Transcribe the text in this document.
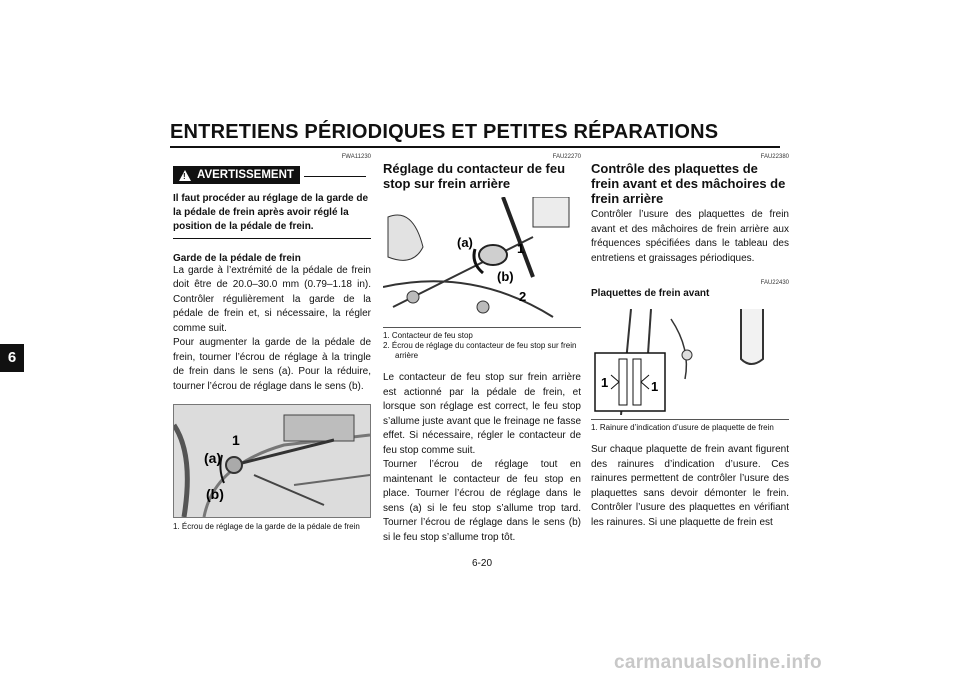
ENTRETIENS PÉRIODIQUES ET PETITES RÉPARATIONS
6
FWA11230
! AVERTISSEMENT
Il faut procéder au réglage de la garde de la pédale de frein après avoir réglé la position de la pédale de frein.
Garde de la pédale de frein

La garde à l’extrémité de la pédale de frein doit être de 20.0–30.0 mm (0.79–1.18 in). Contrôler régulièrement la garde de la pédale de frein et, si nécessaire, la régler comme suit.

Pour augmenter la garde de la pédale de frein, tourner l’écrou de réglage à la tringle de frein dans le sens (a). Pour la réduire, tourner l’écrou de réglage dans le sens (b).

(a)
1
(b)
1. Écrou de réglage de la garde de la pédale de frein
FAU22270
Réglage du contacteur de feu stop sur frein arrière
(a)	1
(b)
2
1. Contacteur de feu stop
2. Écrou de réglage du contacteur de feu stop sur frein arrière

Le contacteur de feu stop sur frein arrière est actionné par la pédale de frein, et lorsque son réglage est correct, le feu stop s’allume juste avant que le freinage ne fasse effet. Si nécessaire, régler le contacteur de feu stop comme suit.

Tourner l’écrou de réglage tout en maintenant le contacteur de feu stop en place. Tourner l’écrou de réglage dans le sens (a) si le feu stop s’allume trop tard. Tourner l’écrou de réglage dans le sens (b) si le feu stop s’allume trop tôt.

FAU22380
Contrôle des plaquettes de frein avant et des mâchoires de frein arrière

Contrôler l’usure des plaquettes de frein avant et des mâchoires de frein arrière aux fréquences spécifiées dans le tableau des entretiens et graissages périodiques.

FAU22430
Plaquettes de frein avant
1	1
1. Rainure d’indication d’usure de plaquette de frein

Sur chaque plaquette de frein avant figurent des rainures d’indication d’usure. Ces rainures permettent de contrôler l’usure des plaquettes sans devoir démonter le frein. Contrôler l’usure des plaquettes en vérifiant les rainures. Si une plaquette de frein est

6-20
carmanualsonline.info
